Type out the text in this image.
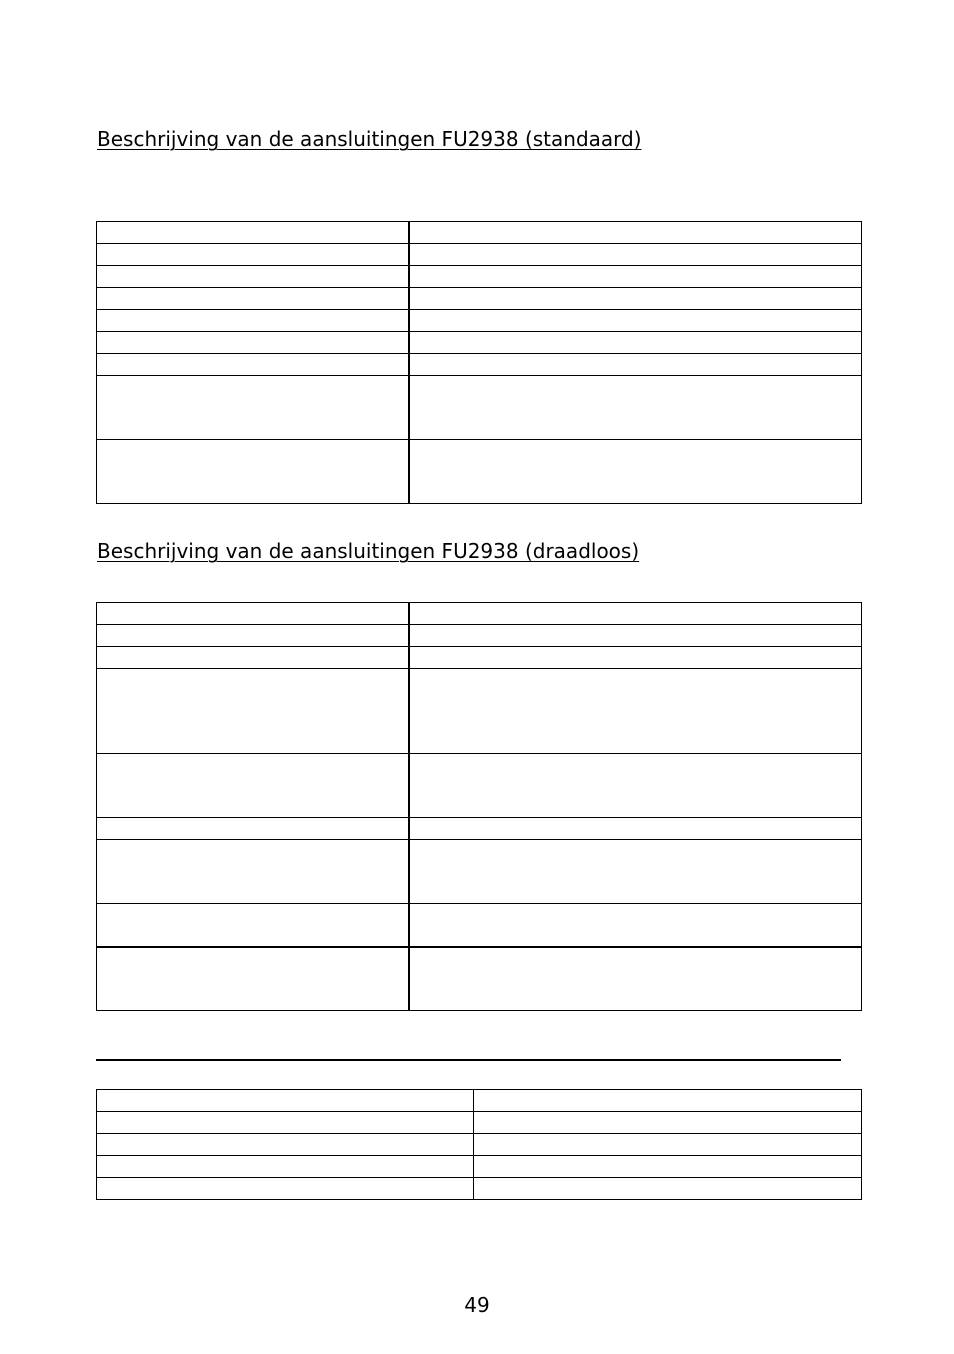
Beschrijving van de aansluitingen FU2938 (standaard)

Beschrijving van de aansluitingen FU2938 (draadloos)

49
